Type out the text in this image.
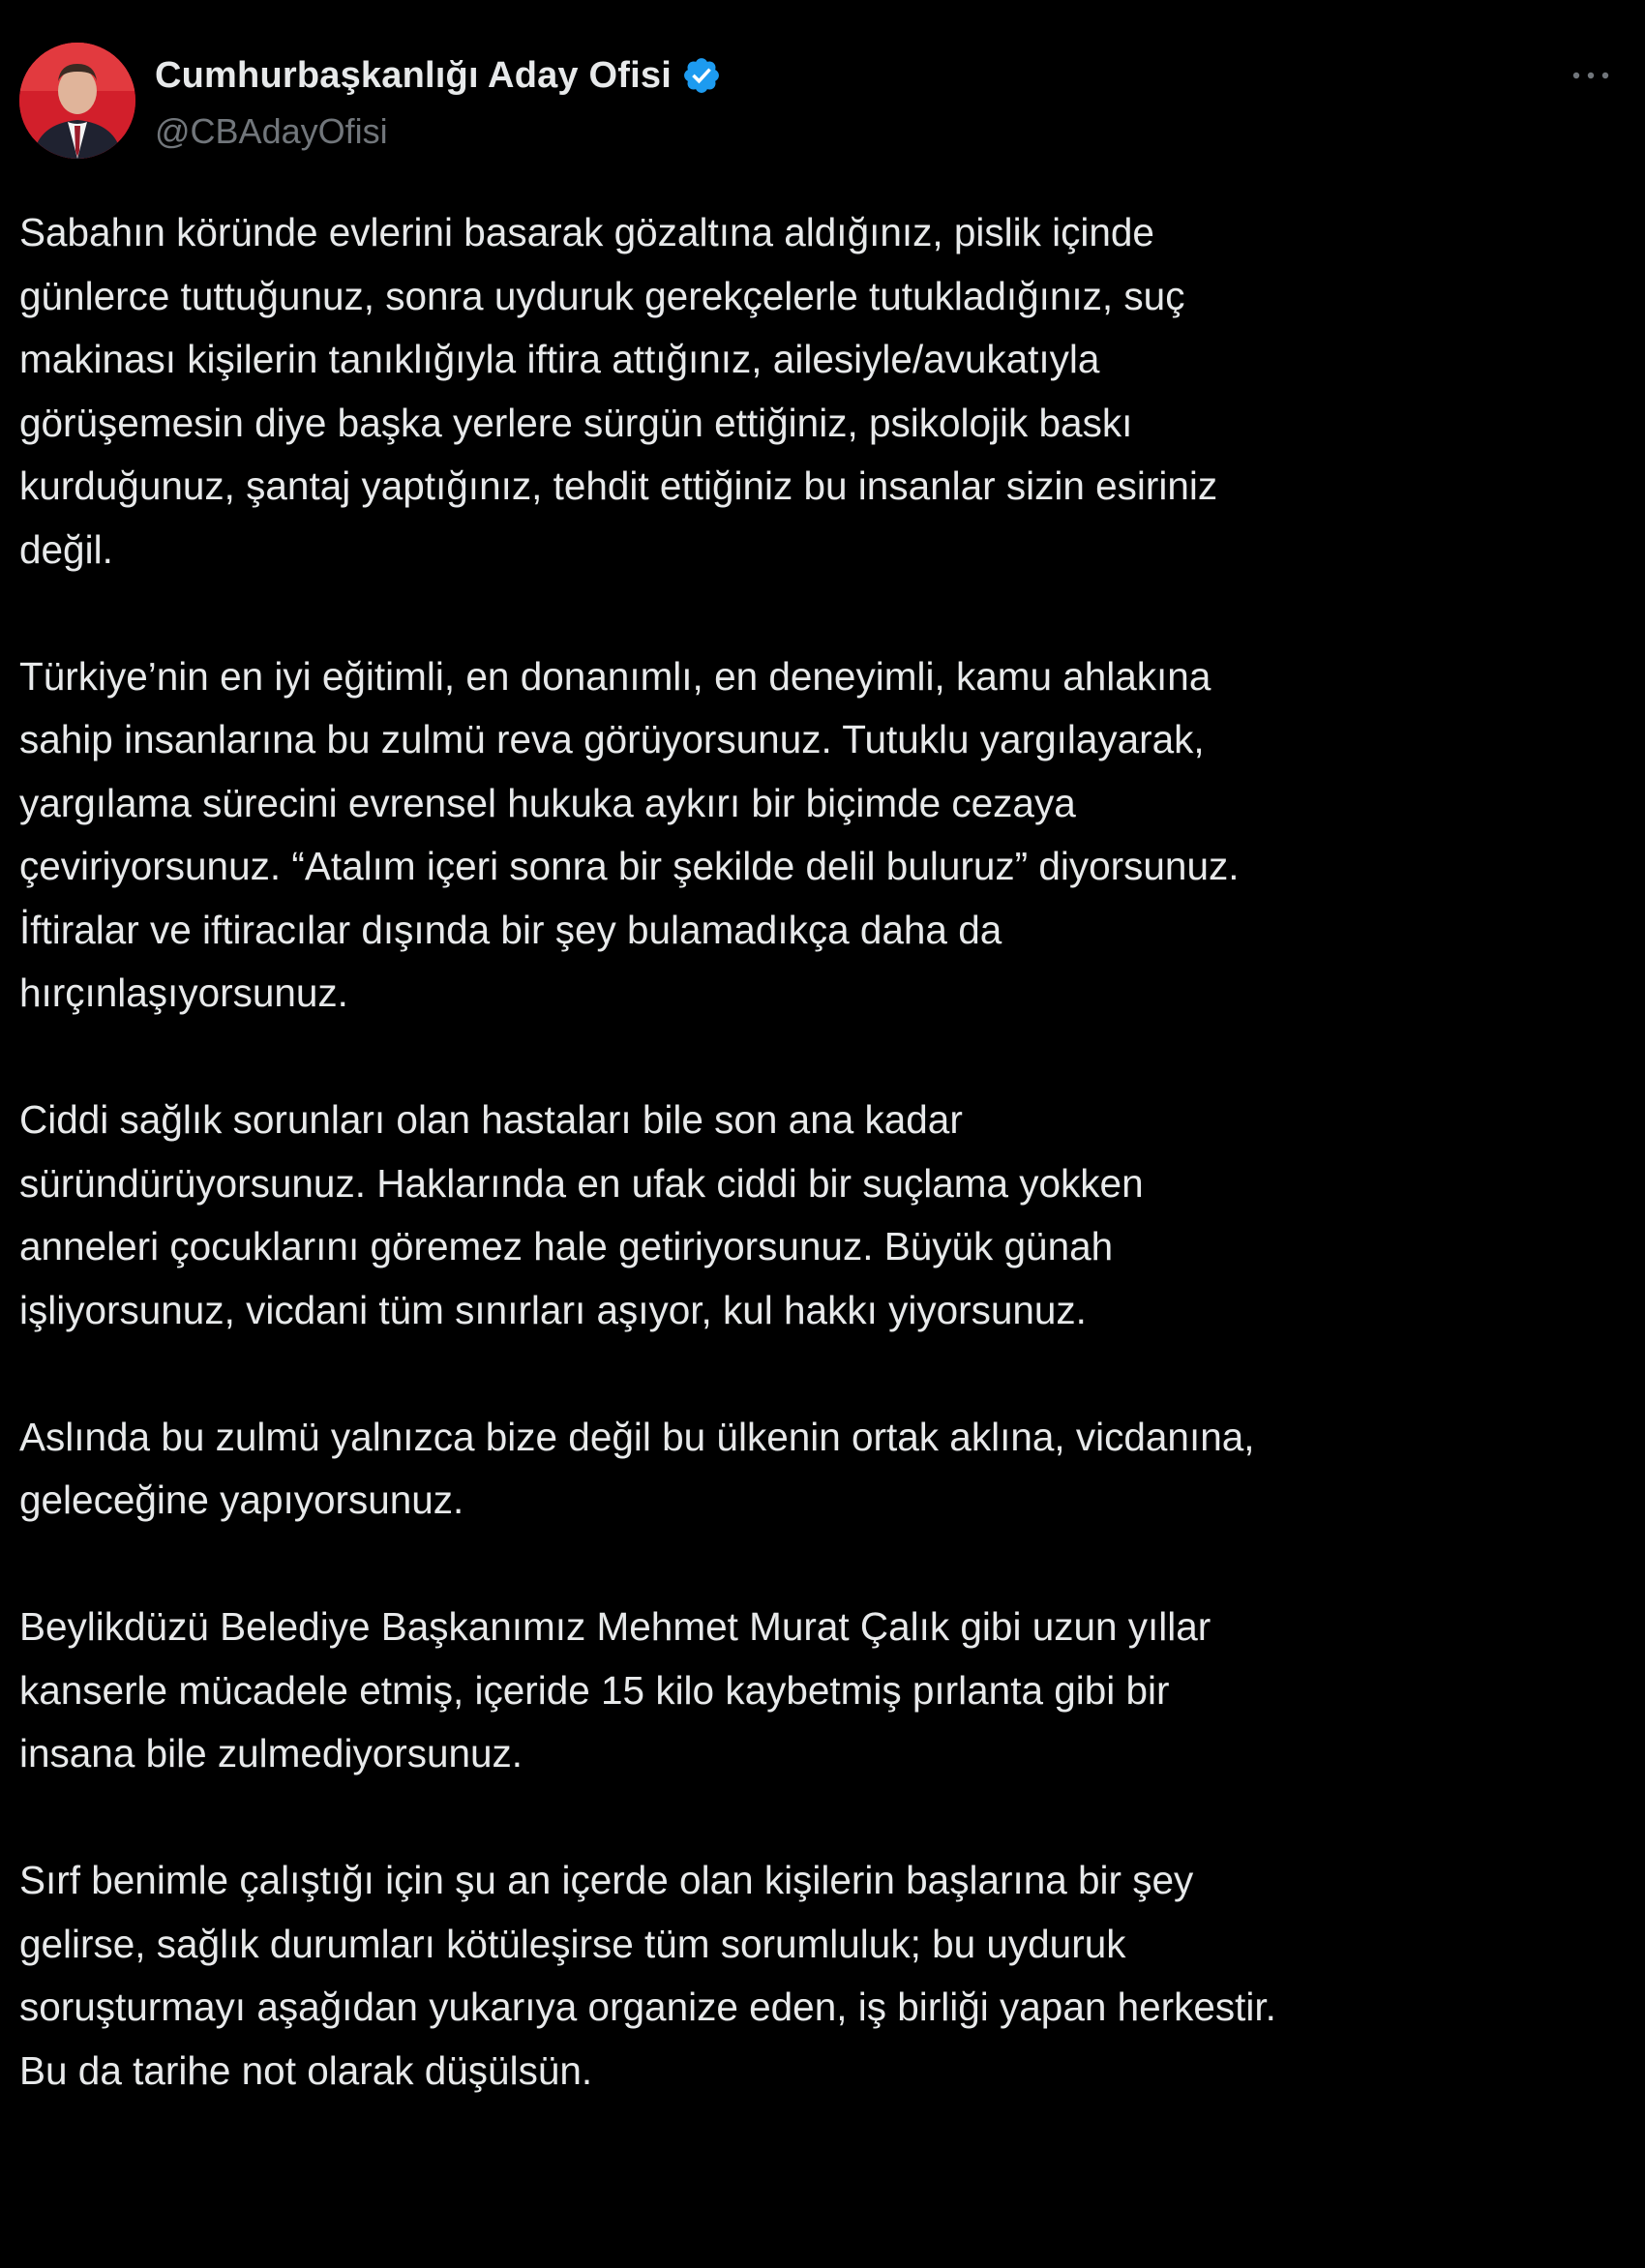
Cumhurbaşkanlığı Aday Ofisi
@CBAdayOfisi

Sabahın köründe evlerini basarak gözaltına aldığınız, pislik içinde
günlerce tuttuğunuz, sonra uyduruk gerekçelerle tutukladığınız, suç
makinası kişilerin tanıklığıyla iftira attığınız, ailesiyle/avukatıyla
görüşemesin diye başka yerlere sürgün ettiğiniz, psikolojik baskı
kurduğunuz, şantaj yaptığınız, tehdit ettiğiniz bu insanlar sizin esiriniz
değil.

Türkiye’nin en iyi eğitimli, en donanımlı, en deneyimli, kamu ahlakına
sahip insanlarına bu zulmü reva görüyorsunuz. Tutuklu yargılayarak,
yargılama sürecini evrensel hukuka aykırı bir biçimde cezaya
çeviriyorsunuz. “Atalım içeri sonra bir şekilde delil buluruz” diyorsunuz.
İftiralar ve iftiracılar dışında bir şey bulamadıkça daha da
hırçınlaşıyorsunuz.

Ciddi sağlık sorunları olan hastaları bile son ana kadar
süründürüyorsunuz. Haklarında en ufak ciddi bir suçlama yokken
anneleri çocuklarını göremez hale getiriyorsunuz. Büyük günah
işliyorsunuz, vicdani tüm sınırları aşıyor, kul hakkı yiyorsunuz.

Aslında bu zulmü yalnızca bize değil bu ülkenin ortak aklına, vicdanına,
geleceğine yapıyorsunuz.

Beylikdüzü Belediye Başkanımız Mehmet Murat Çalık gibi uzun yıllar
kanserle mücadele etmiş, içeride 15 kilo kaybetmiş pırlanta gibi bir
insana bile zulmediyorsunuz.

Sırf benimle çalıştığı için şu an içerde olan kişilerin başlarına bir şey
gelirse, sağlık durumları kötüleşirse tüm sorumluluk; bu uyduruk
soruşturmayı aşağıdan yukarıya organize eden, iş birliği yapan herkestir.
Bu da tarihe not olarak düşülsün.
